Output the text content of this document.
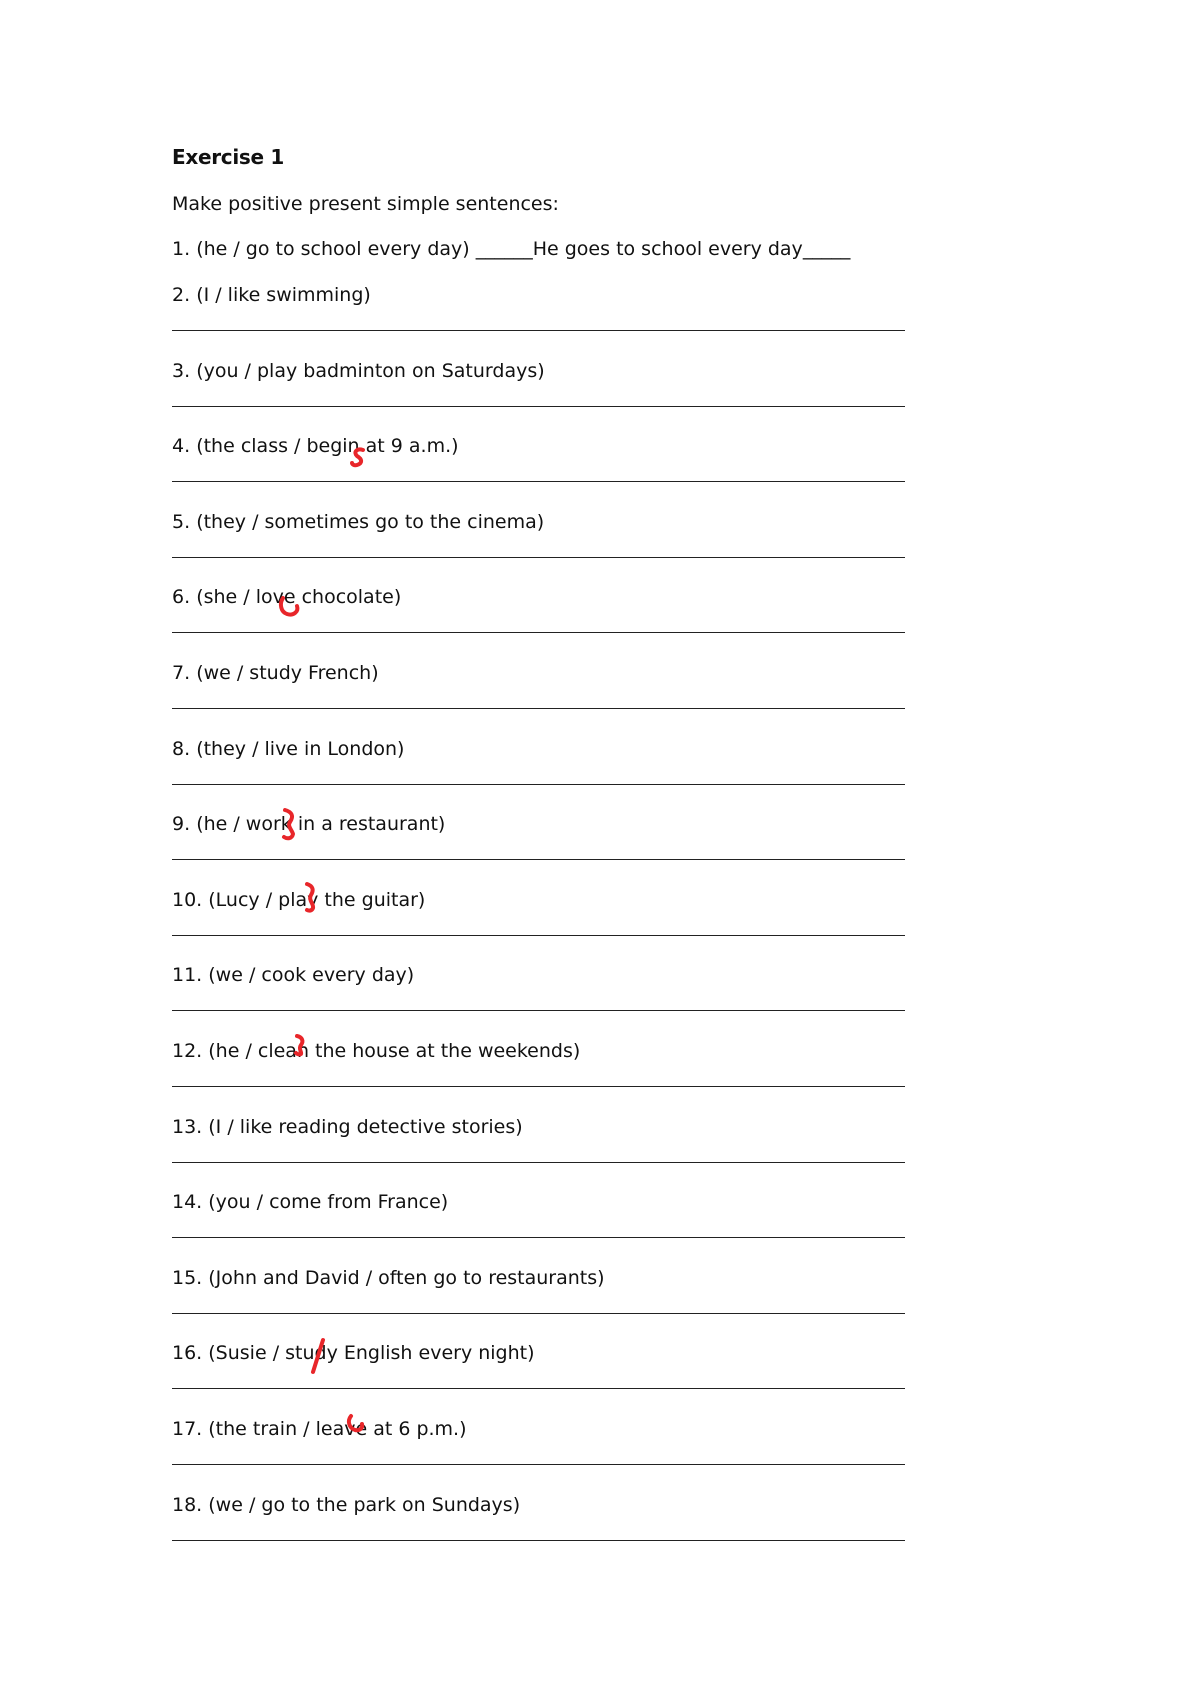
Exercise 1
Make positive present simple sentences:
1. (he / go to school every day) ______He goes to school every day_____
2. (I / like swimming)
3. (you / play badminton on Saturdays)
4. (the class / begin at 9 a.m.)
5. (they / sometimes go to the cinema)
6. (she / love chocolate)
7. (we / study French)
8. (they / live in London)
9. (he / work in a restaurant)
10. (Lucy / play the guitar)
11. (we / cook every day)
12. (he / clean the house at the weekends)
13. (I / like reading detective stories)
14. (you / come from France)
15. (John and David / often go to restaurants)
16. (Susie / study English every night)
17. (the train / leave at 6 p.m.)
18. (we / go to the park on Sundays)
